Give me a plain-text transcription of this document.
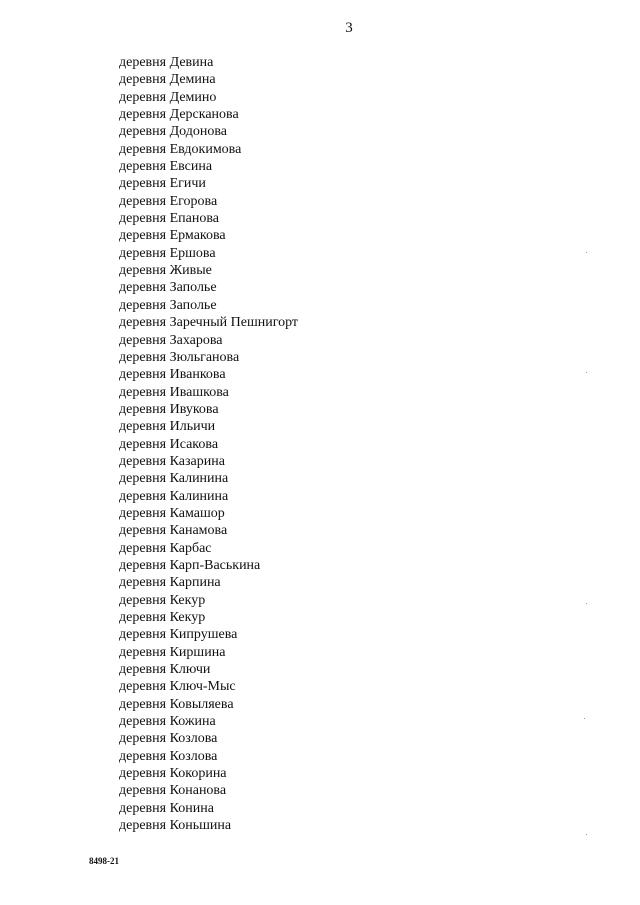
3
деревня Девина
деревня Демина
деревня Демино
деревня Дерсканова
деревня Додонова
деревня Евдокимова
деревня Евсина
деревня Егичи
деревня Егорова
деревня Епанова
деревня Ермакова
деревня Ершова
деревня Живые
деревня Заполье
деревня Заполье
деревня Заречный Пешнигорт
деревня Захарова
деревня Зюльганова
деревня Иванкова
деревня Ивашкова
деревня Ивукова
деревня Ильичи
деревня Исакова
деревня Казарина
деревня Калинина
деревня Калинина
деревня Камашор
деревня Канамова
деревня Карбас
деревня Карп-Васькина
деревня Карпина
деревня Кекур
деревня Кекур
деревня Кипрушева
деревня Киршина
деревня Ключи
деревня Ключ-Мыс
деревня Ковыляева
деревня Кожина
деревня Козлова
деревня Козлова
деревня Кокорина
деревня Конанова
деревня Конина
деревня Коньшина
8498-21
